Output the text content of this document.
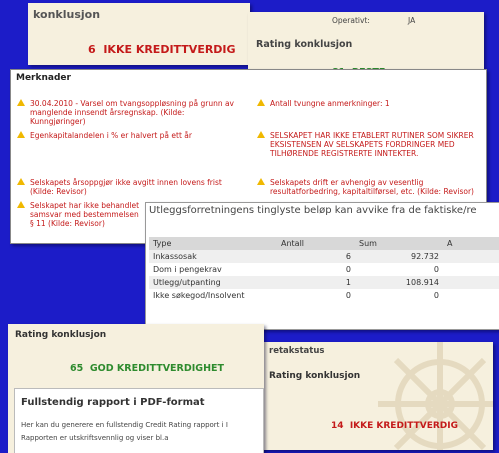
konklusjon
6 IKKE KREDITTVERDIG
Operativt:	JA
Rating konklusjon

Merknader
30.04.2010 - Varsel om tvangsoppløsning på grunn av manglende innsendt årsregnskap. (Kilde: Kunngjøringer)
Egenkapitalandelen i % er halvert på ett år
Selskapets årsoppgjør ikke avgitt innen lovens frist (Kilde: Revisor)
Selskapet har ikke behandlet
samsvar med bestemmelsen
§ 11 (Kilde: Revisor)
Antall tvungne anmerkninger: 1
SELSKAPET HAR IKKE ETABLERT RUTINER SOM SIKRER EKSISTENSEN AV SELSKAPETS FORDRINGER MED TILHØRENDE REGISTRERTE INNTEKTER.
Selskapets drift er avhengig av vesentlig resultatforbedring, kapitaltilførsel, etc. (Kilde: Revisor)
Utleggsforretningens tinglyste beløp kan avvike fra de faktiske/re
Type	Antall	Sum	A
Inkassosak	6	92.732	
Dom i pengekrav	0	0	
Utlegg/utpanting	1	108.914	
Ikke søkegod/Insolvent	0	0	
retakstatus
Rating konklusjon
14 IKKE KREDITTVERDIG
Rating konklusjon
65 GOD KREDITTVERDIGHET
Fullstendig rapport i PDF-format
Her kan du generere en fullstendig Credit Rating rapport i I
Rapporten er utskriftsvennlig og viser bl.a
